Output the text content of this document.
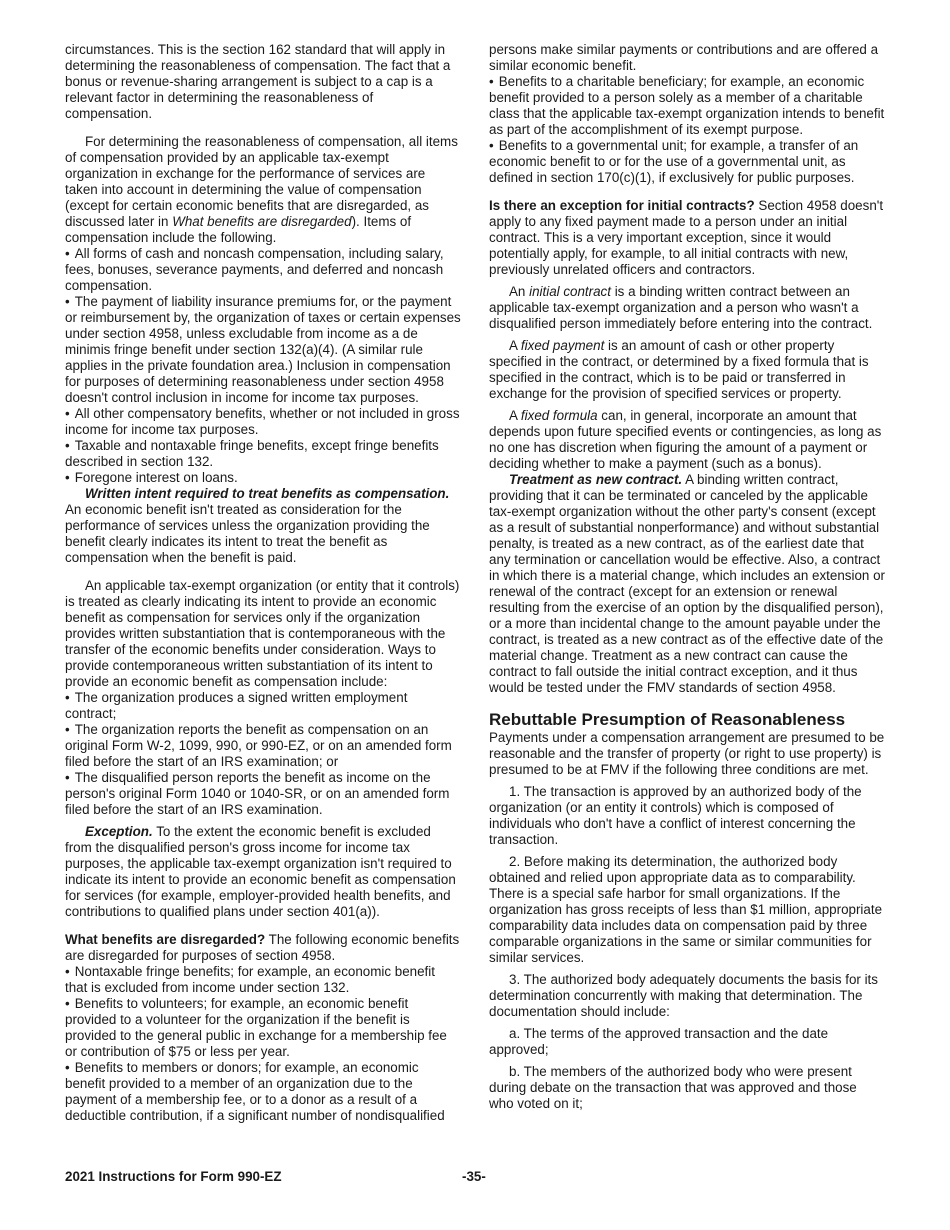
circumstances. This is the section 162 standard that will apply in determining the reasonableness of compensation. The fact that a bonus or revenue-sharing arrangement is subject to a cap is a relevant factor in determining the reasonableness of compensation.

For determining the reasonableness of compensation, all items of compensation provided by an applicable tax-exempt organization in exchange for the performance of services are taken into account in determining the value of compensation (except for certain economic benefits that are disregarded, as discussed later in What benefits are disregarded). Items of compensation include the following.

• All forms of cash and noncash compensation, including salary, fees, bonuses, severance payments, and deferred and noncash compensation.

• The payment of liability insurance premiums for, or the payment or reimbursement by, the organization of taxes or certain expenses under section 4958, unless excludable from income as a de minimis fringe benefit under section 132(a)(4). (A similar rule applies in the private foundation area.) Inclusion in compensation for purposes of determining reasonableness under section 4958 doesn't control inclusion in income for income tax purposes.

• All other compensatory benefits, whether or not included in gross income for income tax purposes.

• Taxable and nontaxable fringe benefits, except fringe benefits described in section 132.

• Foregone interest on loans.

Written intent required to treat benefits as compensation. An economic benefit isn't treated as consideration for the performance of services unless the organization providing the benefit clearly indicates its intent to treat the benefit as compensation when the benefit is paid.

An applicable tax-exempt organization (or entity that it controls) is treated as clearly indicating its intent to provide an economic benefit as compensation for services only if the organization provides written substantiation that is contemporaneous with the transfer of the economic benefits under consideration. Ways to provide contemporaneous written substantiation of its intent to provide an economic benefit as compensation include:

• The organization produces a signed written employment contract;

• The organization reports the benefit as compensation on an original Form W-2, 1099, 990, or 990-EZ, or on an amended form filed before the start of an IRS examination; or

• The disqualified person reports the benefit as income on the person's original Form 1040 or 1040-SR, or on an amended form filed before the start of an IRS examination.

Exception. To the extent the economic benefit is excluded from the disqualified person's gross income for income tax purposes, the applicable tax-exempt organization isn't required to indicate its intent to provide an economic benefit as compensation for services (for example, employer-provided health benefits, and contributions to qualified plans under section 401(a)).

What benefits are disregarded? The following economic benefits are disregarded for purposes of section 4958.

• Nontaxable fringe benefits; for example, an economic benefit that is excluded from income under section 132.

• Benefits to volunteers; for example, an economic benefit provided to a volunteer for the organization if the benefit is provided to the general public in exchange for a membership fee or contribution of $75 or less per year.

• Benefits to members or donors; for example, an economic benefit provided to a member of an organization due to the payment of a membership fee, or to a donor as a result of a deductible contribution, if a significant number of nondisqualified

persons make similar payments or contributions and are offered a similar economic benefit.

• Benefits to a charitable beneficiary; for example, an economic benefit provided to a person solely as a member of a charitable class that the applicable tax-exempt organization intends to benefit as part of the accomplishment of its exempt purpose.

• Benefits to a governmental unit; for example, a transfer of an economic benefit to or for the use of a governmental unit, as defined in section 170(c)(1), if exclusively for public purposes.

Is there an exception for initial contracts? Section 4958 doesn't apply to any fixed payment made to a person under an initial contract. This is a very important exception, since it would potentially apply, for example, to all initial contracts with new, previously unrelated officers and contractors.

An initial contract is a binding written contract between an applicable tax-exempt organization and a person who wasn't a disqualified person immediately before entering into the contract.

A fixed payment is an amount of cash or other property specified in the contract, or determined by a fixed formula that is specified in the contract, which is to be paid or transferred in exchange for the provision of specified services or property.

A fixed formula can, in general, incorporate an amount that depends upon future specified events or contingencies, as long as no one has discretion when figuring the amount of a payment or deciding whether to make a payment (such as a bonus).

Treatment as new contract. A binding written contract, providing that it can be terminated or canceled by the applicable tax-exempt organization without the other party's consent (except as a result of substantial nonperformance) and without substantial penalty, is treated as a new contract, as of the earliest date that any termination or cancellation would be effective. Also, a contract in which there is a material change, which includes an extension or renewal of the contract (except for an extension or renewal resulting from the exercise of an option by the disqualified person), or a more than incidental change to the amount payable under the contract, is treated as a new contract as of the effective date of the material change. Treatment as a new contract can cause the contract to fall outside the initial contract exception, and it thus would be tested under the FMV standards of section 4958.

Rebuttable Presumption of Reasonableness

Payments under a compensation arrangement are presumed to be reasonable and the transfer of property (or right to use property) is presumed to be at FMV if the following three conditions are met.

1. The transaction is approved by an authorized body of the organization (or an entity it controls) which is composed of individuals who don't have a conflict of interest concerning the transaction.

2. Before making its determination, the authorized body obtained and relied upon appropriate data as to comparability. There is a special safe harbor for small organizations. If the organization has gross receipts of less than $1 million, appropriate comparability data includes data on compensation paid by three comparable organizations in the same or similar communities for similar services.

3. The authorized body adequately documents the basis for its determination concurrently with making that determination. The documentation should include:

a. The terms of the approved transaction and the date approved;

b. The members of the authorized body who were present during debate on the transaction that was approved and those who voted on it;

2021 Instructions for Form 990-EZ	-35-
